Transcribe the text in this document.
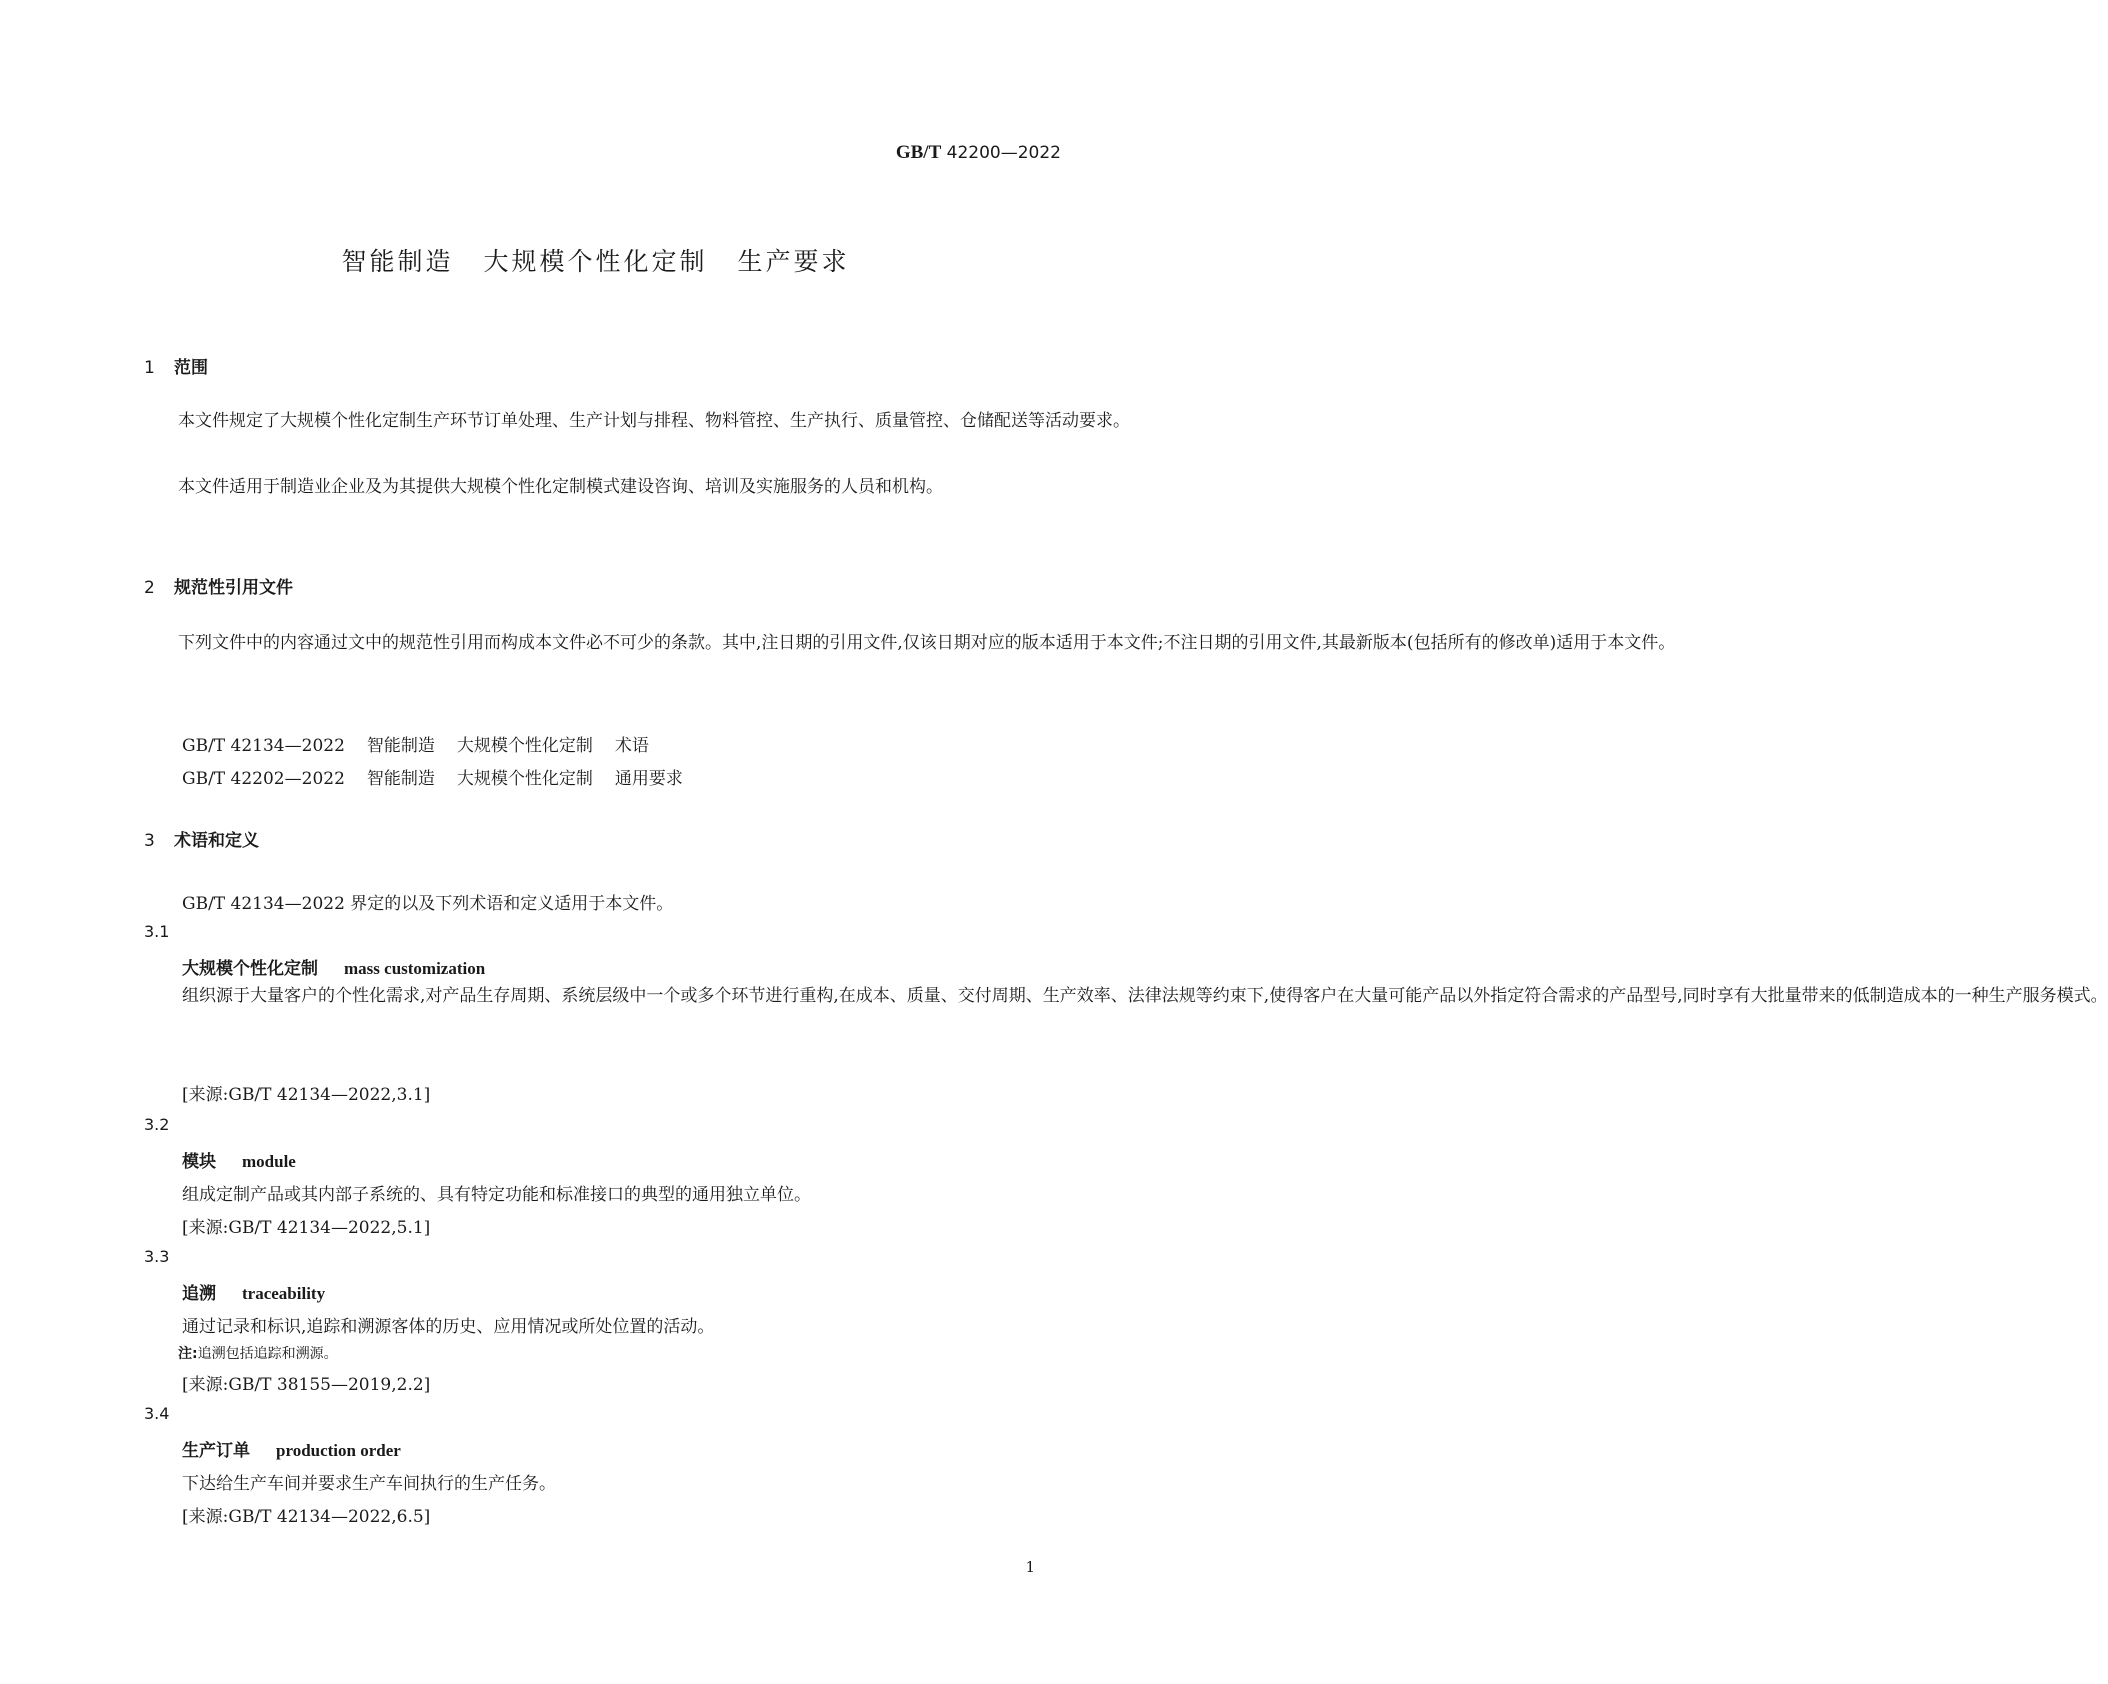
GB/T 42200—2022
智能制造 大规模个性化定制 生产要求
1 范围
本文件规定了大规模个性化定制生产环节订单处理、生产计划与排程、物料管控、生产执行、质量管控、仓储配送等活动要求。
本文件适用于制造业企业及为其提供大规模个性化定制模式建设咨询、培训及实施服务的人员和机构。
2 规范性引用文件
下列文件中的内容通过文中的规范性引用而构成本文件必不可少的条款。其中,注日期的引用文件,仅该日期对应的版本适用于本文件;不注日期的引用文件,其最新版本(包括所有的修改单)适用于本文件。
GB/T 42134—2022 智能制造 大规模个性化定制 术语
GB/T 42202—2022 智能制造 大规模个性化定制 通用要求
3 术语和定义
GB/T 42134—2022 界定的以及下列术语和定义适用于本文件。
3.1
大规模个性化定制 mass customization
组织源于大量客户的个性化需求,对产品生存周期、系统层级中一个或多个环节进行重构,在成本、质量、交付周期、生产效率、法律法规等约束下,使得客户在大量可能产品以外指定符合需求的产品型号,同时享有大批量带来的低制造成本的一种生产服务模式。
[来源:GB/T 42134—2022,3.1]
3.2
模块 module
组成定制产品或其内部子系统的、具有特定功能和标准接口的典型的通用独立单位。
[来源:GB/T 42134—2022,5.1]
3.3
追溯 traceability
通过记录和标识,追踪和溯源客体的历史、应用情况或所处位置的活动。
注:追溯包括追踪和溯源。
[来源:GB/T 38155—2019,2.2]
3.4
生产订单 production order
下达给生产车间并要求生产车间执行的生产任务。
[来源:GB/T 42134—2022,6.5]
1
